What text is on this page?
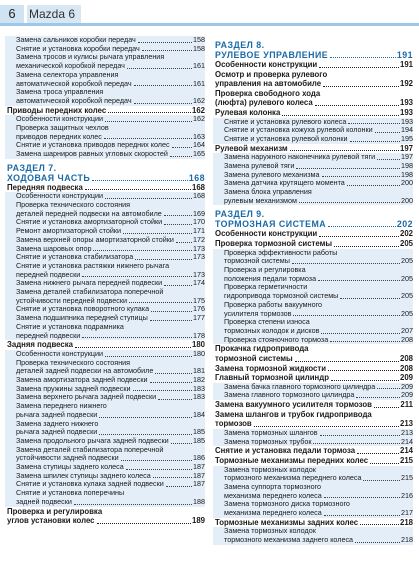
6	Mazda 6
Замена сальников коробки передач	158
Снятие и установка коробки передач	158
Замена тросов и кулисы рычага управления
механической коробкой передач	161
Замена селектора управления
автоматической коробкой передач	161
Замена троса управления
автоматической коробкой передач	162
Приводы передних колес	162
Особенности конструкции	162
Проверка защитных чехлов
приводов передних колес	163
Снятие и установка приводов передних колес	164
Замена шарниров равных угловых скоростей	165
РАЗДЕЛ 7.
ХОДОВАЯ ЧАСТЬ	168
Передняя подвеска	168
Особенности конструкции	168
Проверка технического состояния
деталей передней подвески на автомобиле	169
Снятие и установка амортизаторной стойки	170
Ремонт амортизаторной стойки	171
Замена верхней опоры амортизаторной стойки	172
Замена шаровых опор	173
Снятие и установка стабилизатора	173
Снятие и установка растяжки нижнего рычага
передней подвески	173
Замена нижнего рычага передней подвески	174
Замена деталей стабилизатора поперечной
устойчивости передней подвески	175
Снятие и установка поворотного кулака	176
Замена подшипника передней ступицы	177
Снятие и установка подрамника
передней подвески	178
Задняя подвеска	180
Особенности конструкции	180
Проверка технического состояния
деталей задней подвески на автомобиле	181
Замена амортизатора задней подвески	182
Замена пружины задней подвески	183
Замена верхнего рычага задней подвески	183
Замена переднего нижнего
рычага задней подвески	184
Замена заднего нижнего
рычага задней подвески	185
Замена продольного рычага задней подвески	185
Замена деталей стабилизатора поперечной
устойчивости задней подвески	186
Замена ступицы заднего колеса	187
Замена шпилек ступицы заднего колеса	187
Снятие и установка кулака задней подвески	187
Снятие и установка поперечины
задней подвески	188
Проверка и регулировка
углов установки колес	189
РАЗДЕЛ 8.
РУЛЕВОЕ УПРАВЛЕНИЕ	191
Особенности конструкции	191
Осмотр и проверка рулевого
управления на автомобиле	192
Проверка свободного хода
(люфта) рулевого колеса	193
Рулевая колонка	193
Снятие и установка рулевого колеса	193
Снятие и установка кожуха рулевой колонки	194
Снятие и установка рулевой колонки	195
Рулевой механизм	197
Замена наружного наконечника рулевой тяги	197
Замена рулевой тяги	198
Замена рулевого механизма	198
Замена датчика крутящего момента	200
Замена блока управления
рулевым механизмом	200
РАЗДЕЛ 9.
ТОРМОЗНАЯ СИСТЕМА	202
Особенности конструкции	202
Проверка тормозной системы	205
Проверка эффективности работы
тормозной системы	205
Проверка и регулировка
положения педали тормоза	205
Проверка герметичности
гидропривода тормозной системы	205
Проверка работы вакуумного
усилителя тормозов	205
Проверка степени износа
тормозных колодок и дисков	207
Проверка стояночного тормоза	208
Прокачка гидропривода
тормозной системы	208
Замена тормозной жидкости	208
Главный тормозной цилиндр	209
Замена бачка главного тормозного цилиндра	209
Замена главного тормозного цилиндра	209
Замена вакуумного усилителя тормозов	211
Замена шлангов и трубок гидропривода
тормозов	213
Замена тормозных шлангов	213
Замена тормозных трубок	214
Снятие и установка педали тормоза	214
Тормозные механизмы передних колес	215
Замена тормозных колодок
тормозного механизма переднего колеса	215
Замена суппорта тормозного
механизма переднего колеса	216
Замена тормозного диска тормозного
механизма переднего колеса	217
Тормозные механизмы задних колес	218
Замена тормозных колодок
тормозного механизма заднего колеса	218
